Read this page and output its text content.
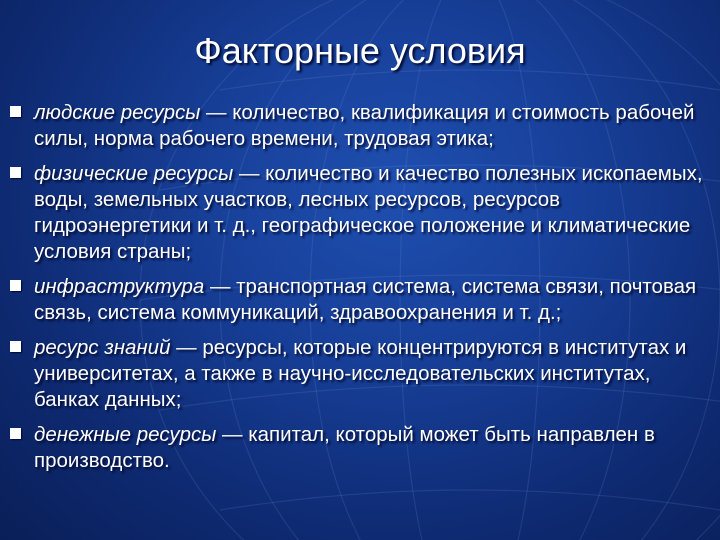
Факторные условия
людские ресурсы — количество, квалификация и стоимость рабочей силы, норма рабочего времени, трудовая этика;
физические ресурсы — количество и качество полезных ископаемых, воды, земельных участков, лесных ресурсов, ресурсов гидроэнергетики и т. д., географическое положение и климатические условия страны;
инфраструктура — транспортная система, система связи, почтовая связь, система коммуникаций, здравоохранения и т. д.;
ресурс знаний — ресурсы, которые концентрируются в институтах и университетах, а также в научно-исследовательских институтах, банках данных;
денежные ресурсы — капитал, который может быть направлен в производство.
